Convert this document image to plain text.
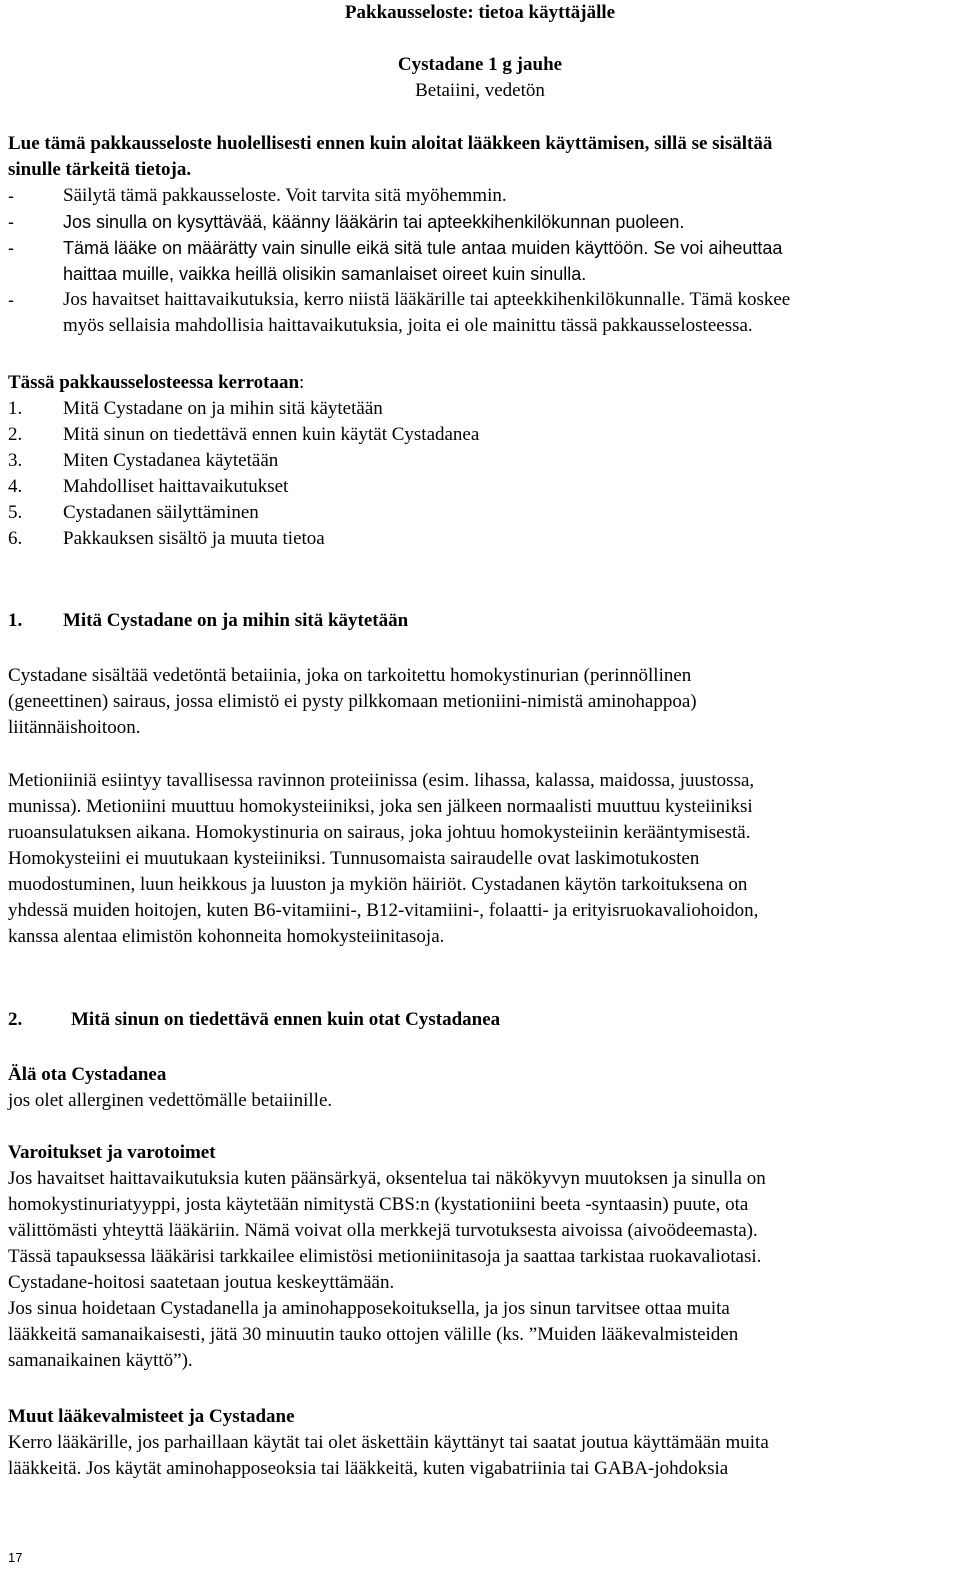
Pakkausseloste: tietoa käyttäjälle
Cystadane 1 g jauhe
Betaiini, vedetön
Lue tämä pakkausseloste huolellisesti ennen kuin aloitat lääkkeen käyttämisen, sillä se sisältää
sinulle tärkeitä tietoja.
-	Säilytä tämä pakkausseloste. Voit tarvita sitä myöhemmin.
-	Jos sinulla on kysyttävää, käänny lääkärin tai apteekkihenkilökunnan puoleen.
-	Tämä lääke on määrätty vain sinulle eikä sitä tule antaa muiden käyttöön. Se voi aiheuttaa
haittaa muille, vaikka heillä olisikin samanlaiset oireet kuin sinulla.
-	Jos havaitset haittavaikutuksia, kerro niistä lääkärille tai apteekkihenkilökunnalle. Tämä koskee
myös sellaisia mahdollisia haittavaikutuksia, joita ei ole mainittu tässä pakkausselosteessa.
Tässä pakkausselosteessa kerrotaan:
1. Mitä Cystadane on ja mihin sitä käytetään
2. Mitä sinun on tiedettävä ennen kuin käytät Cystadanea
3. Miten Cystadanea käytetään
4. Mahdolliset haittavaikutukset
5. Cystadanen säilyttäminen
6. Pakkauksen sisältö ja muuta tietoa
1. Mitä Cystadane on ja mihin sitä käytetään
Cystadane sisältää vedetöntä betaiinia, joka on tarkoitettu homokystinurian (perinnöllinen
(geneettinen) sairaus, jossa elimistö ei pysty pilkkomaan metioniini-nimistä aminohappoa)
liitännäishoitoon.
Metioniiniä esiintyy tavallisessa ravinnon proteiinissa (esim. lihassa, kalassa, maidossa, juustossa,
munissa). Metioniini muuttuu homokysteiiniksi, joka sen jälkeen normaalisti muuttuu kysteiiniksi
ruoansulatuksen aikana. Homokystinuria on sairaus, joka johtuu homokysteiinin kerääntymisestä.
Homokysteiini ei muutukaan kysteiiniksi. Tunnusomaista sairaudelle ovat laskimotukosten
muodostuminen, luun heikkous ja luuston ja mykiön häiriöt. Cystadanen käytön tarkoituksena on
yhdessä muiden hoitojen, kuten B6-vitamiini-, B12-vitamiini-, folaatti- ja erityisruokavaliohoidon,
kanssa alentaa elimistön kohonneita homokysteiinitasoja.
2.	Mitä sinun on tiedettävä ennen kuin otat Cystadanea
Älä ota Cystadanea
jos olet allerginen vedettömälle betaiinille.
Varoitukset ja varotoimet
Jos havaitset haittavaikutuksia kuten päänsärkyä, oksentelua tai näkökyvyn muutoksen ja sinulla on
homokystinuriatyyppi, josta käytetään nimitystä CBS:n (kystationiini beeta -syntaasin) puute, ota
välittömästi yhteyttä lääkäriin. Nämä voivat olla merkkejä turvotuksesta aivoissa (aivoödeemasta).
Tässä tapauksessa lääkärisi tarkkailee elimistösi metioniinitasoja ja saattaa tarkistaa ruokavaliotasi.
Cystadane-hoitosi saatetaan joutua keskeyttämään.
Jos sinua hoidetaan Cystadanella ja aminohapposekoituksella, ja jos sinun tarvitsee ottaa muita
lääkkeitä samanaikaisesti, jätä 30 minuutin tauko ottojen välille (ks. ”Muiden lääkevalmisteiden
samanaikainen käyttö”).
Muut lääkevalmisteet ja Cystadane
Kerro lääkärille, jos parhaillaan käytät tai olet äskettäin käyttänyt tai saatat joutua käyttämään muita
lääkkeitä. Jos käytät aminohapposeoksia tai lääkkeitä, kuten vigabatriinia tai GABA-johdoksia
17
